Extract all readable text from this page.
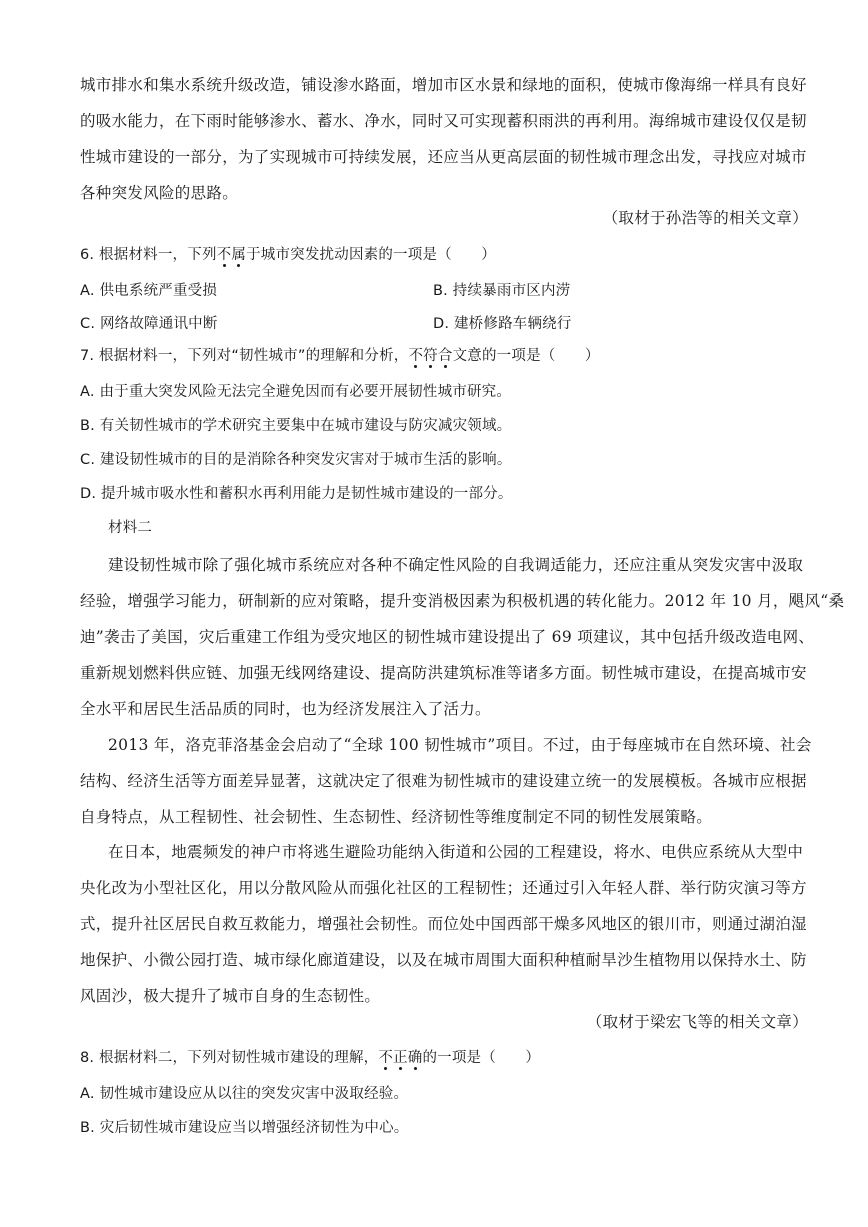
城市排水和集水系统升级改造，铺设渗水路面，增加市区水景和绿地的面积，使城市像海绵一样具有良好
的吸水能力，在下雨时能够渗水、蓄水、净水，同时又可实现蓄积雨洪的再利用。海绵城市建设仅仅是韧
性城市建设的一部分，为了实现城市可持续发展，还应当从更高层面的韧性城市理念出发，寻找应对城市
各种突发风险的思路。
（取材于孙浩等的相关文章）
6. 根据材料一，下列不属于城市突发扰动因素的一项是（　　）
A. 供电系统严重受损	B. 持续暴雨市区内涝
C. 网络故障通讯中断	D. 建桥修路车辆绕行
7. 根据材料一，下列对“韧性城市”的理解和分析，不符合文意的一项是（　　）
A. 由于重大突发风险无法完全避免因而有必要开展韧性城市研究。
B. 有关韧性城市的学术研究主要集中在城市建设与防灾减灾领域。
C. 建设韧性城市的目的是消除各种突发灾害对于城市生活的影响。
D. 提升城市吸水性和蓄积水再利用能力是韧性城市建设的一部分。
材料二
建设韧性城市除了强化城市系统应对各种不确定性风险的自我调适能力，还应注重从突发灾害中汲取
经验，增强学习能力，研制新的应对策略，提升变消极因素为积极机遇的转化能力。2012 年 10 月，飓风“桑
迪”袭击了美国，灾后重建工作组为受灾地区的韧性城市建设提出了 69 项建议，其中包括升级改造电网、
重新规划燃料供应链、加强无线网络建设、提高防洪建筑标准等诸多方面。韧性城市建设，在提高城市安
全水平和居民生活品质的同时，也为经济发展注入了活力。
2013 年，洛克菲洛基金会启动了“全球 100 韧性城市”项目。不过，由于每座城市在自然环境、社会
结构、经济生活等方面差异显著，这就决定了很难为韧性城市的建设建立统一的发展模板。各城市应根据
自身特点，从工程韧性、社会韧性、生态韧性、经济韧性等维度制定不同的韧性发展策略。
在日本，地震频发的神户市将逃生避险功能纳入街道和公园的工程建设，将水、电供应系统从大型中
央化改为小型社区化，用以分散风险从而强化社区的工程韧性；还通过引入年轻人群、举行防灾演习等方
式，提升社区居民自救互救能力，增强社会韧性。而位处中国西部干燥多风地区的银川市，则通过湖泊湿
地保护、小微公园打造、城市绿化廊道建设，以及在城市周围大面积种植耐旱沙生植物用以保持水土、防
风固沙，极大提升了城市自身的生态韧性。
（取材于梁宏飞等的相关文章）
8. 根据材料二，下列对韧性城市建设的理解，不正确的一项是（　　）
A. 韧性城市建设应从以往的突发灾害中汲取经验。
B. 灾后韧性城市建设应当以增强经济韧性为中心。
